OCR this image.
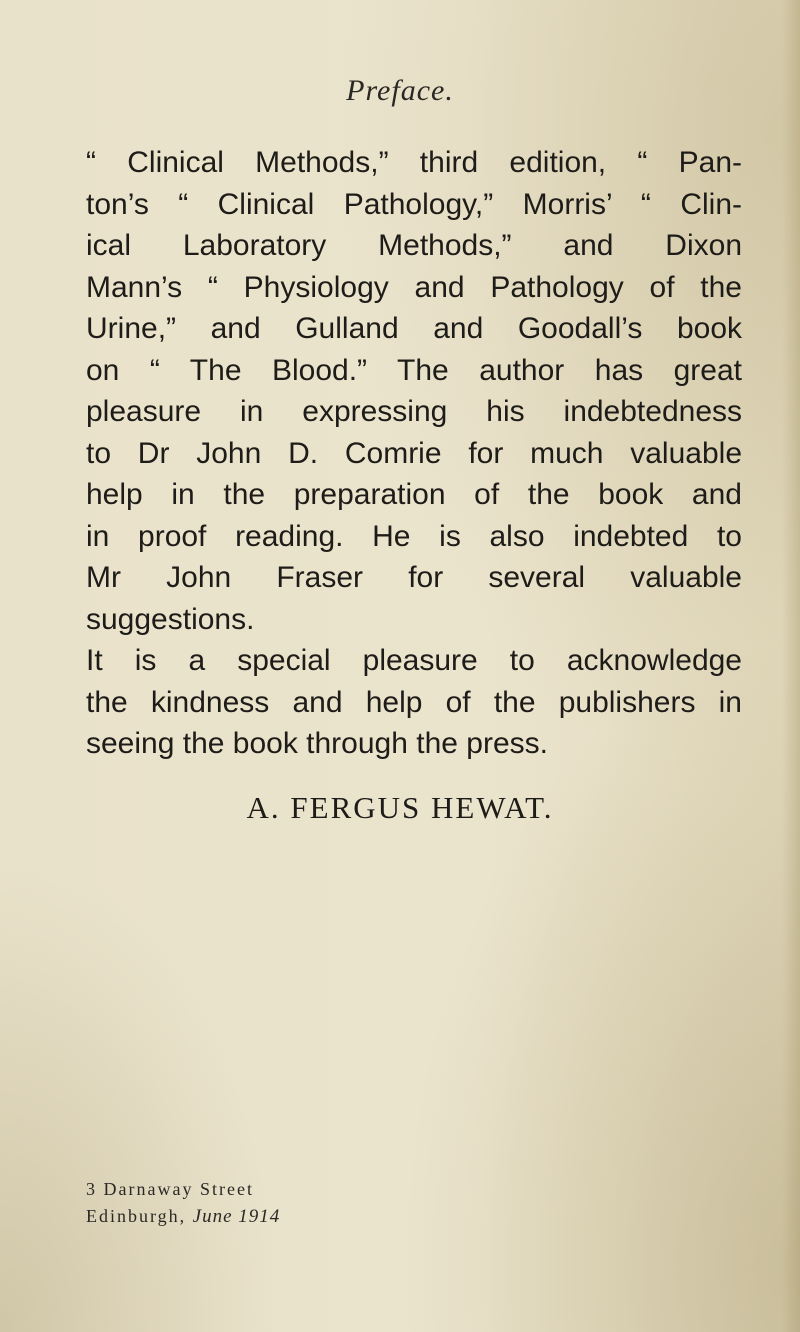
Preface.
“ Clinical Methods,” third edition, “ Pan-
ton’s “ Clinical Pathology,” Morris’ “ Clin-
ical Laboratory Methods,” and Dixon
Mann’s “ Physiology and Pathology of the
Urine,” and Gulland and Goodall’s book
on “ The Blood.” The author has great
pleasure in expressing his indebtedness
to Dr John D. Comrie for much valuable
help in the preparation of the book and
in proof reading. He is also indebted to
Mr John Fraser for several valuable
suggestions.
It is a special pleasure to acknowledge
the kindness and help of the publishers in
seeing the book through the press.
A. FERGUS HEWAT.
3 Darnaway Street
Edinburgh, June 1914
